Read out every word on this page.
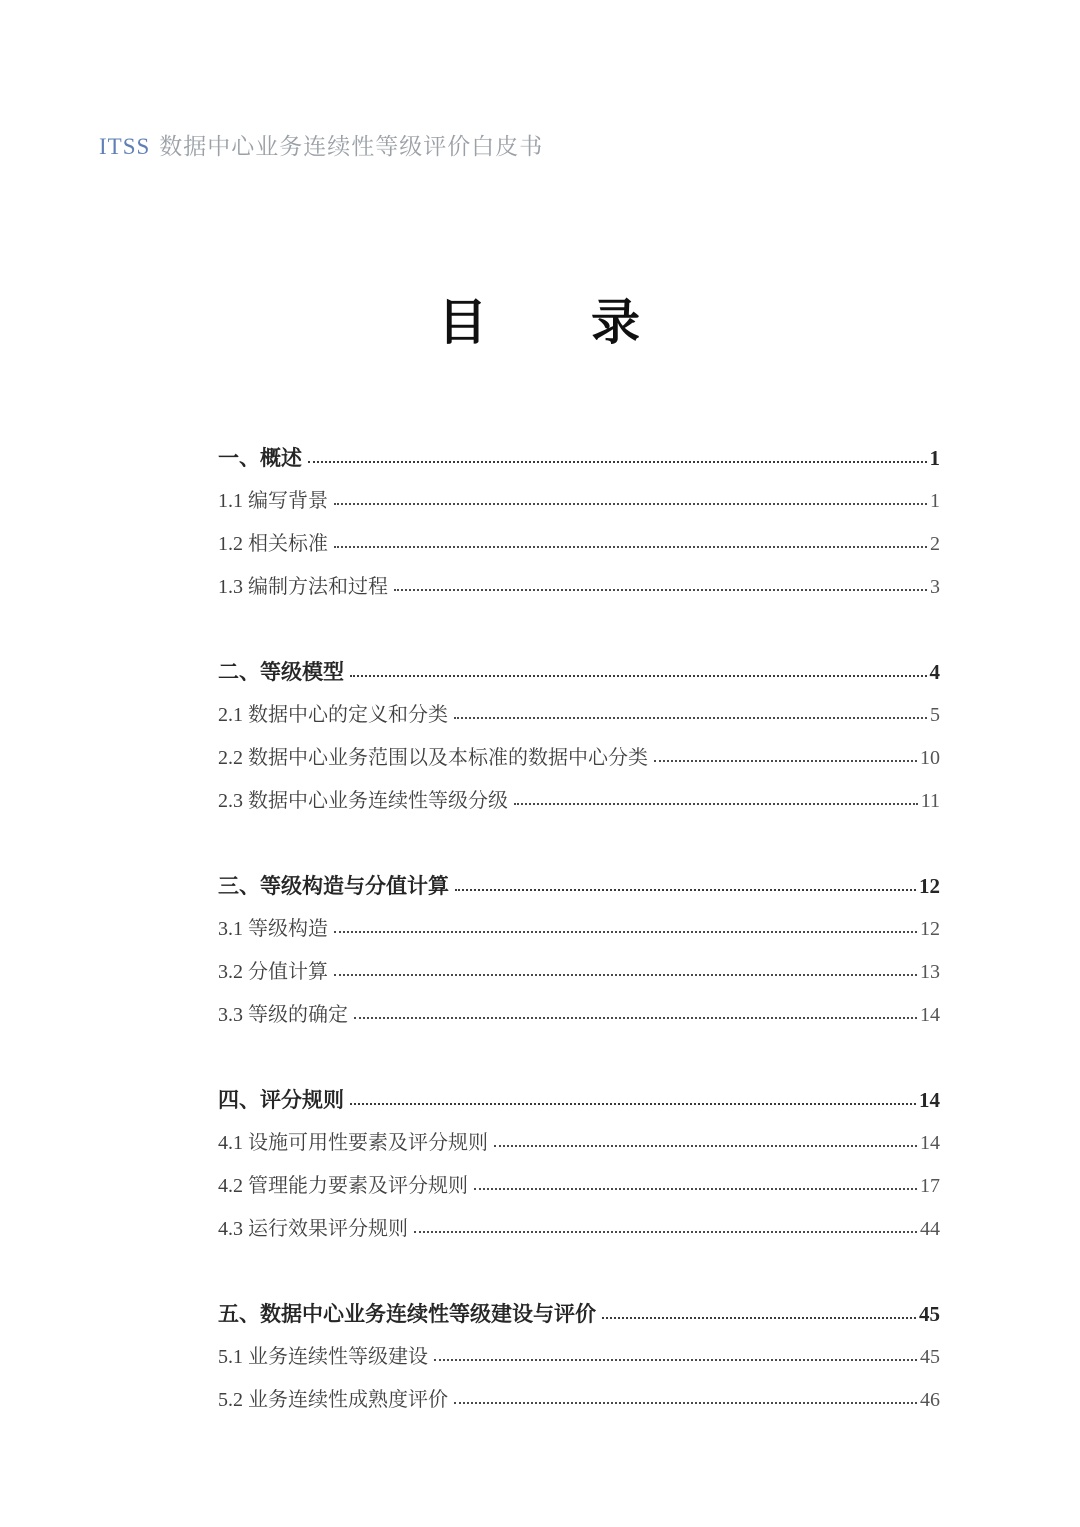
ITSS 数据中心业务连续性等级评价白皮书
目　　录
一、概述	1
1.1 编写背景	1
1.2 相关标准	2
1.3 编制方法和过程	3
二、等级模型	4
2.1 数据中心的定义和分类	5
2.2 数据中心业务范围以及本标准的数据中心分类	10
2.3 数据中心业务连续性等级分级	11
三、等级构造与分值计算	12
3.1 等级构造	12
3.2 分值计算	13
3.3 等级的确定	14
四、评分规则	14
4.1 设施可用性要素及评分规则	14
4.2 管理能力要素及评分规则	17
4.3 运行效果评分规则	44
五、数据中心业务连续性等级建设与评价	45
5.1 业务连续性等级建设	45
5.2 业务连续性成熟度评价	46
